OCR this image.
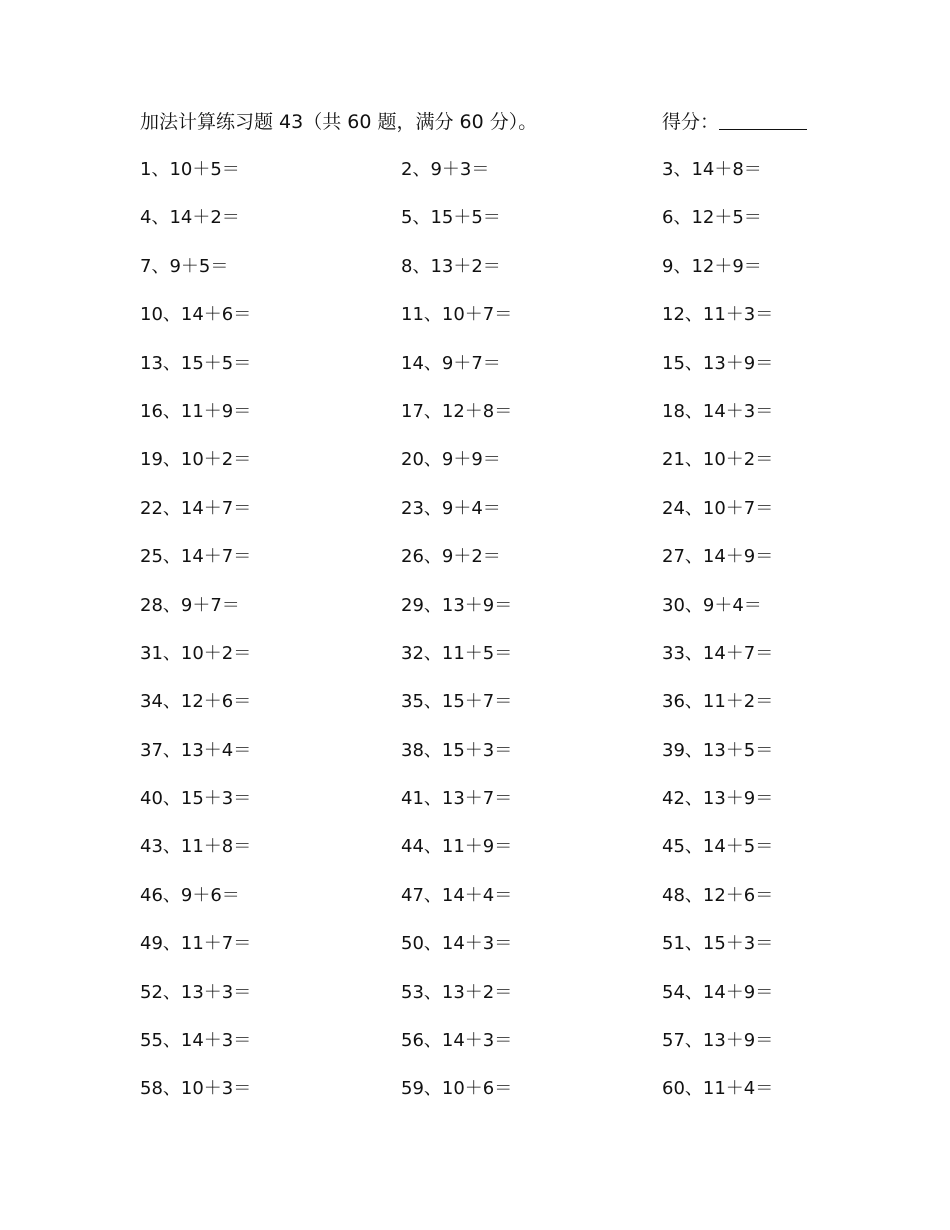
加法计算练习题 43（共 60 题，满分 60 分）。	得分：
1、10＋5＝	2、9＋3＝	3、14＋8＝
4、14＋2＝	5、15＋5＝	6、12＋5＝
7、9＋5＝	8、13＋2＝	9、12＋9＝
10、14＋6＝	11、10＋7＝	12、11＋3＝
13、15＋5＝	14、9＋7＝	15、13＋9＝
16、11＋9＝	17、12＋8＝	18、14＋3＝
19、10＋2＝	20、9＋9＝	21、10＋2＝
22、14＋7＝	23、9＋4＝	24、10＋7＝
25、14＋7＝	26、9＋2＝	27、14＋9＝
28、9＋7＝	29、13＋9＝	30、9＋4＝
31、10＋2＝	32、11＋5＝	33、14＋7＝
34、12＋6＝	35、15＋7＝	36、11＋2＝
37、13＋4＝	38、15＋3＝	39、13＋5＝
40、15＋3＝	41、13＋7＝	42、13＋9＝
43、11＋8＝	44、11＋9＝	45、14＋5＝
46、9＋6＝	47、14＋4＝	48、12＋6＝
49、11＋7＝	50、14＋3＝	51、15＋3＝
52、13＋3＝	53、13＋2＝	54、14＋9＝
55、14＋3＝	56、14＋3＝	57、13＋9＝
58、10＋3＝	59、10＋6＝	60、11＋4＝
